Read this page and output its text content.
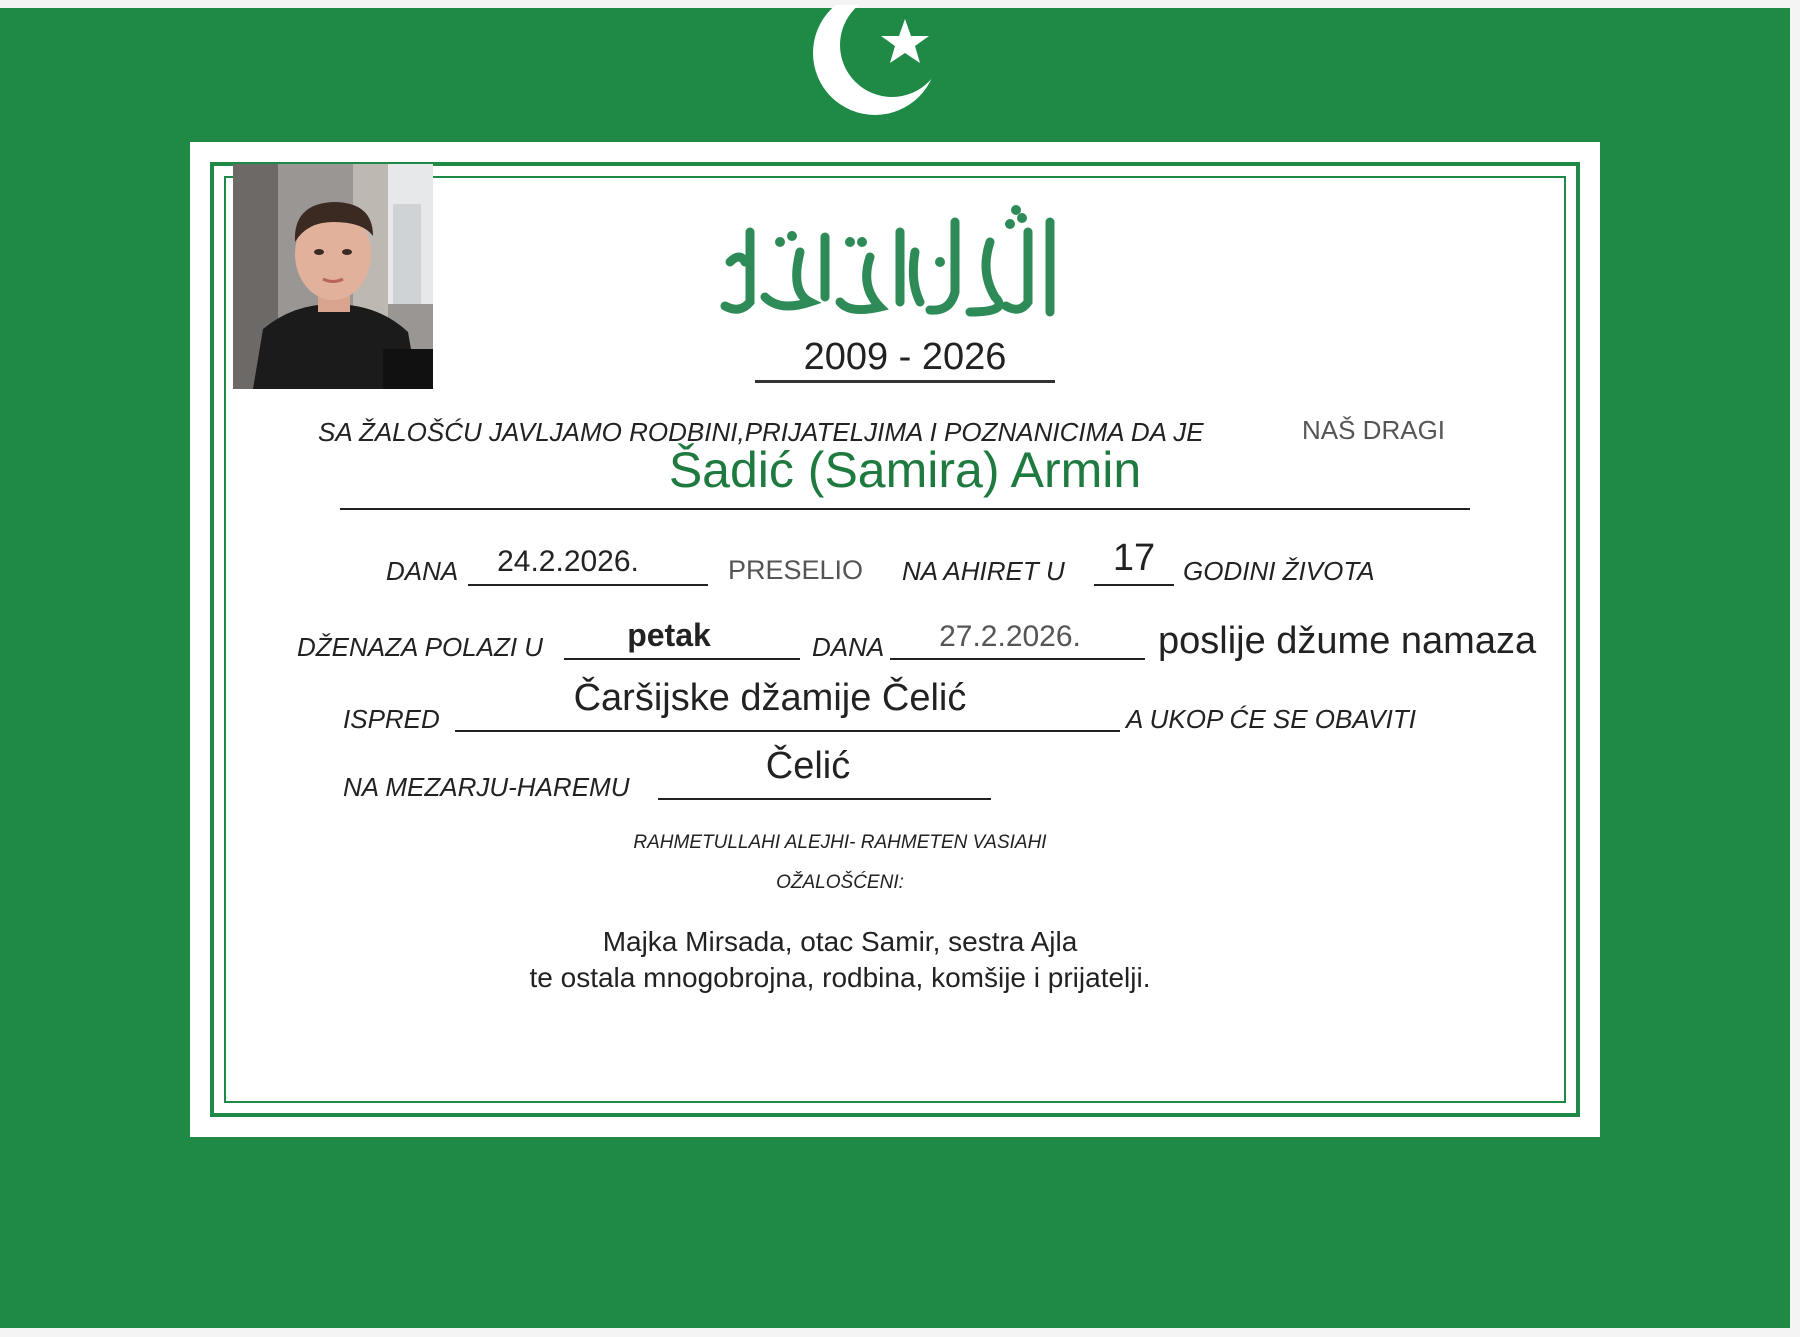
2009 - 2026
SA ŽALOŠĆU JAVLJAMO RODBINI,PRIJATELJIMA I POZNANICIMA DA JE	NAŠ DRAGI
Šadić (Samira) Armin
DANA	24.2.2026.	PRESELIO NA AHIRET U	17	GODINI ŽIVOTA
DŽENAZA POLAZI U	petak	DANA	27.2.2026.	poslije džume namaza
ISPRED	Čaršijske džamije Čelić	A UKOP ĆE SE OBAVITI
NA MEZARJU-HAREMU	Čelić
RAHMETULLAHI ALEJHI- RAHMETEN VASIAHI
OŽALOŠĆENI:
Majka Mirsada, otac Samir, sestra Ajla
te ostala mnogobrojna, rodbina, komšije i prijatelji.
